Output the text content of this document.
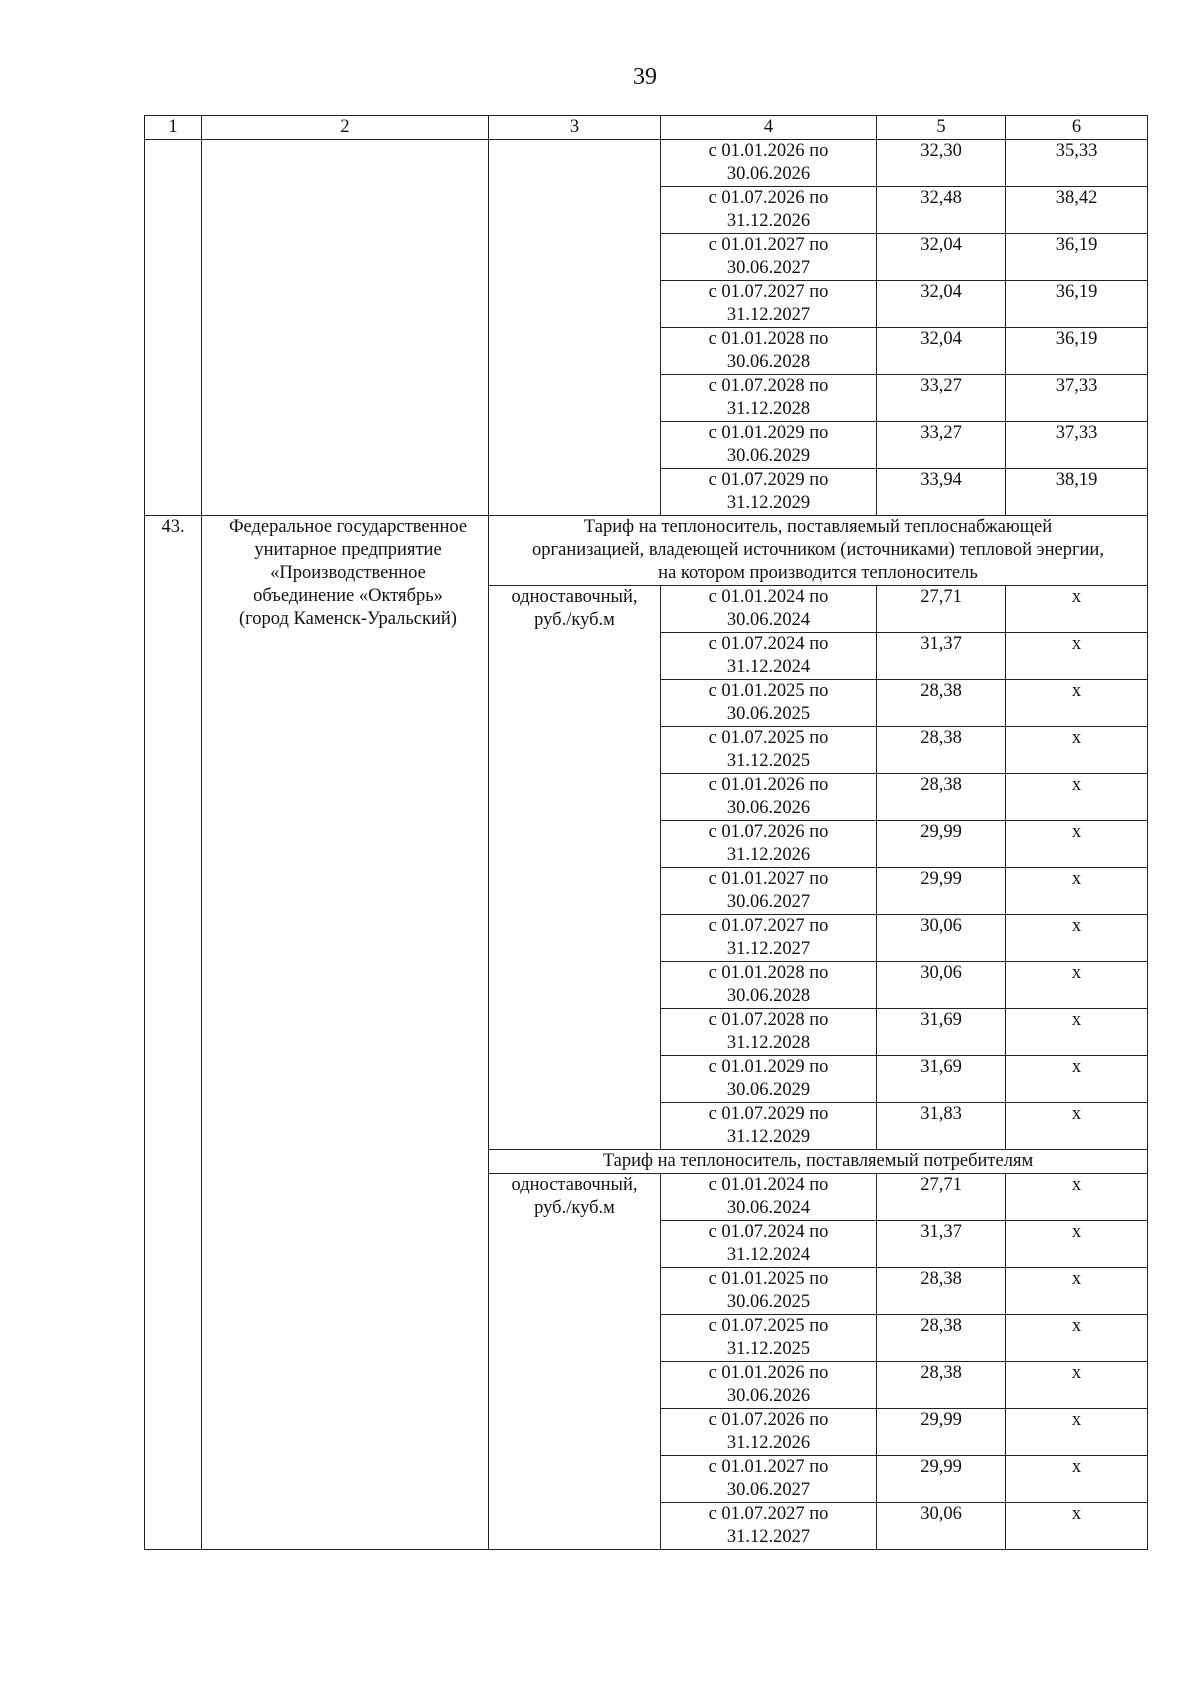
39
1	2	3	4	5	6

			с 01.01.2026 по
30.06.2026	32,30	35,33

			с 01.07.2026 по
31.12.2026	32,48	38,42

			с 01.01.2027 по
30.06.2027	32,04	36,19

			с 01.07.2027 по
31.12.2027	32,04	36,19

			с 01.01.2028 по
30.06.2028	32,04	36,19

			с 01.07.2028 по
31.12.2028	33,27	37,33

			с 01.01.2029 по
30.06.2029	33,27	37,33

			с 01.07.2029 по
31.12.2029	33,94	38,19
43.	Федеральное государственное
унитарное предприятие
«Производственное
объединение «Октябрь»
(город Каменск-Уральский)	Тариф на теплоноситель, поставляемый теплоснабжающей
организацией, владеющей источником (источниками) тепловой энергии,
на котором производится теплоноситель			

		одноставочный,
руб./куб.м	с 01.01.2024 по
30.06.2024	27,71	x

			с 01.07.2024 по
31.12.2024	31,37	x

			с 01.01.2025 по
30.06.2025	28,38	x

			с 01.07.2025 по
31.12.2025	28,38	x

			с 01.01.2026 по
30.06.2026	28,38	x

			с 01.07.2026 по
31.12.2026	29,99	x

			с 01.01.2027 по
30.06.2027	29,99	x

			с 01.07.2027 по
31.12.2027	30,06	x

			с 01.01.2028 по
30.06.2028	30,06	x

			с 01.07.2028 по
31.12.2028	31,69	x

			с 01.01.2029 по
30.06.2029	31,69	x

			с 01.07.2029 по
31.12.2029	31,83	x
		Тариф на теплоноситель, поставляемый потребителям			

		одноставочный,
руб./куб.м	с 01.01.2024 по
30.06.2024	27,71	x

			с 01.07.2024 по
31.12.2024	31,37	x

			с 01.01.2025 по
30.06.2025	28,38	x

			с 01.07.2025 по
31.12.2025	28,38	x

			с 01.01.2026 по
30.06.2026	28,38	x

			с 01.07.2026 по
31.12.2026	29,99	x

			с 01.01.2027 по
30.06.2027	29,99	x

			с 01.07.2027 по
31.12.2027	30,06	x
